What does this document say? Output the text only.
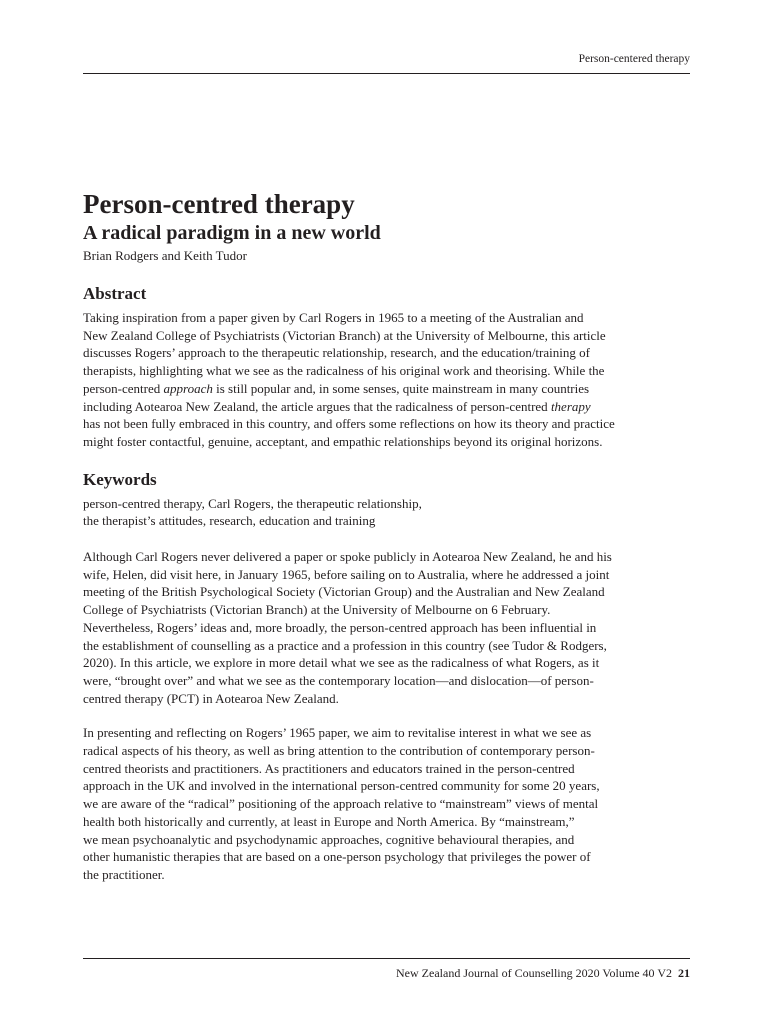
Person-centered therapy
Person-centred therapy
A radical paradigm in a new world
Brian Rodgers and Keith Tudor
Abstract

Taking inspiration from a paper given by Carl Rogers in 1965 to a meeting of the Australian and
New Zealand College of Psychiatrists (Victorian Branch) at the University of Melbourne, this article
discusses Rogers’ approach to the therapeutic relationship, research, and the education/training of
therapists, highlighting what we see as the radicalness of his original work and theorising. While the
person-centred approach is still popular and, in some senses, quite mainstream in many countries
including Aotearoa New Zealand, the article argues that the radicalness of person-centred therapy
has not been fully embraced in this country, and offers some reflections on how its theory and practice
might foster contactful, genuine, acceptant, and empathic relationships beyond its original horizons.

Keywords

person-centred therapy, Carl Rogers, the therapeutic relationship,
the therapist’s attitudes, research, education and training

Although Carl Rogers never delivered a paper or spoke publicly in Aotearoa New Zealand, he and his
wife, Helen, did visit here, in January 1965, before sailing on to Australia, where he addressed a joint
meeting of the British Psychological Society (Victorian Group) and the Australian and New Zealand
College of Psychiatrists (Victorian Branch) at the University of Melbourne on 6 February.
Nevertheless, Rogers’ ideas and, more broadly, the person-centred approach has been influential in
the establishment of counselling as a practice and a profession in this country (see Tudor & Rodgers,
2020). In this article, we explore in more detail what we see as the radicalness of what Rogers, as it
were, “brought over” and what we see as the contemporary location—and dislocation—of person-
centred therapy (PCT) in Aotearoa New Zealand.

In presenting and reflecting on Rogers’ 1965 paper, we aim to revitalise interest in what we see as
radical aspects of his theory, as well as bring attention to the contribution of contemporary person-
centred theorists and practitioners. As practitioners and educators trained in the person-centred
approach in the UK and involved in the international person-centred community for some 20 years,
we are aware of the “radical” positioning of the approach relative to “mainstream” views of mental
health both historically and currently, at least in Europe and North America. By “mainstream,”
we mean psychoanalytic and psychodynamic approaches, cognitive behavioural therapies, and
other humanistic therapies that are based on a one-person psychology that privileges the power of
the practitioner.

New Zealand Journal of Counselling 2020 Volume 40 V2 21
